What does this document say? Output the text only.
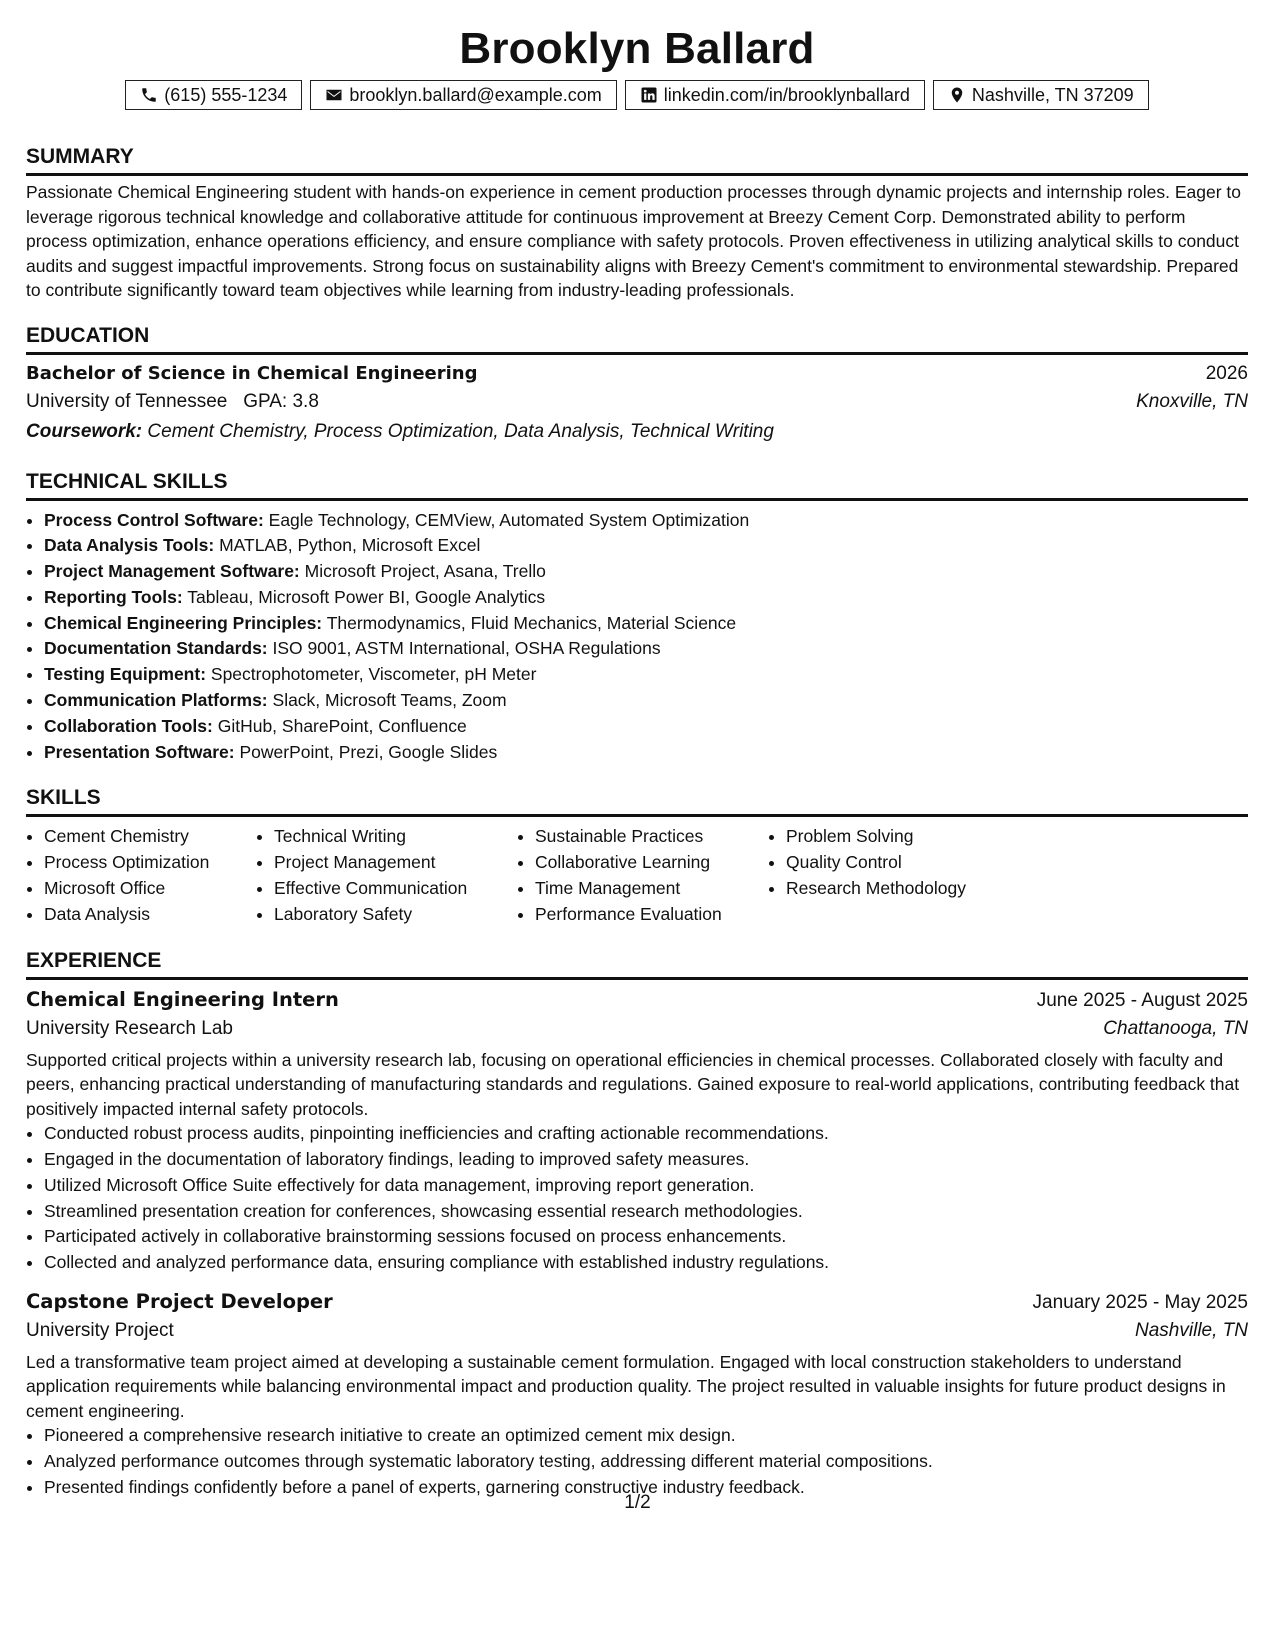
Brooklyn Ballard
(615) 555-1234	brooklyn.ballard@example.com	linkedin.com/in/brooklynballard	Nashville, TN 37209
SUMMARY
Passionate Chemical Engineering student with hands-on experience in cement production processes through dynamic projects and internship roles. Eager to leverage rigorous technical knowledge and collaborative attitude for continuous improvement at Breezy Cement Corp. Demonstrated ability to perform process optimization, enhance operations efficiency, and ensure compliance with safety protocols. Proven effectiveness in utilizing analytical skills to conduct audits and suggest impactful improvements. Strong focus on sustainability aligns with Breezy Cement's commitment to environmental stewardship. Prepared to contribute significantly toward team objectives while learning from industry-leading professionals.
EDUCATION
Bachelor of Science in Chemical Engineering	2026
University of Tennessee GPA: 3.8	Knoxville, TN
Coursework: Cement Chemistry, Process Optimization, Data Analysis, Technical Writing
TECHNICAL SKILLS
• Process Control Software: Eagle Technology, CEMView, Automated System Optimization
• Data Analysis Tools: MATLAB, Python, Microsoft Excel
• Project Management Software: Microsoft Project, Asana, Trello
• Reporting Tools: Tableau, Microsoft Power BI, Google Analytics
• Chemical Engineering Principles: Thermodynamics, Fluid Mechanics, Material Science
• Documentation Standards: ISO 9001, ASTM International, OSHA Regulations
• Testing Equipment: Spectrophotometer, Viscometer, pH Meter
• Communication Platforms: Slack, Microsoft Teams, Zoom
• Collaboration Tools: GitHub, SharePoint, Confluence
• Presentation Software: PowerPoint, Prezi, Google Slides
SKILLS
• Cement Chemistry
• Process Optimization
• Microsoft Office
• Data Analysis
• Technical Writing
• Project Management
• Effective Communication
• Laboratory Safety
• Sustainable Practices
• Collaborative Learning
• Time Management
• Performance Evaluation
• Problem Solving
• Quality Control
• Research Methodology
EXPERIENCE
Chemical Engineering Intern	June 2025 - August 2025
University Research Lab	Chattanooga, TN
Supported critical projects within a university research lab, focusing on operational efficiencies in chemical processes. Collaborated closely with faculty and peers, enhancing practical understanding of manufacturing standards and regulations. Gained exposure to real-world applications, contributing feedback that positively impacted internal safety protocols.
• Conducted robust process audits, pinpointing inefficiencies and crafting actionable recommendations.
• Engaged in the documentation of laboratory findings, leading to improved safety measures.
• Utilized Microsoft Office Suite effectively for data management, improving report generation.
• Streamlined presentation creation for conferences, showcasing essential research methodologies.
• Participated actively in collaborative brainstorming sessions focused on process enhancements.
• Collected and analyzed performance data, ensuring compliance with established industry regulations.
Capstone Project Developer	January 2025 - May 2025
University Project	Nashville, TN
Led a transformative team project aimed at developing a sustainable cement formulation. Engaged with local construction stakeholders to understand application requirements while balancing environmental impact and production quality. The project resulted in valuable insights for future product designs in cement engineering.
• Pioneered a comprehensive research initiative to create an optimized cement mix design.
• Analyzed performance outcomes through systematic laboratory testing, addressing different material compositions.
• Presented findings confidently before a panel of experts, garnering constructive industry feedback.
1/2
